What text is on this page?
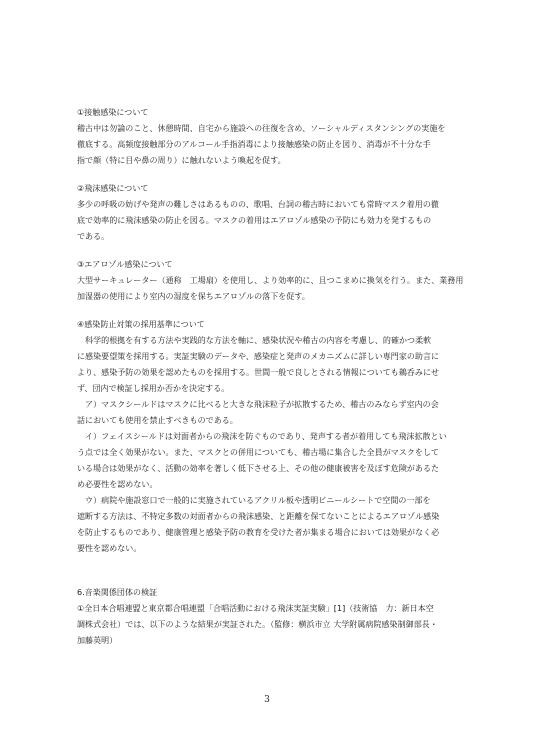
①接触感染について

稽古中は勿論のこと、休憩時間、自宅から施設への往復を含め、ソーシャルディスタンシングの実施を

徹底する。高頻度接触部分のアルコール手指消毒により接触感染の防止を図り、消毒が不十分な手

指で顔（特に目や鼻の周り）に触れないよう喚起を促す。

②飛沫感染について

多少の呼吸の妨げや発声の難しさはあるものの、歌唱、台詞の稽古時においても常時マスク着用の徹

底で効率的に飛沫感染の防止を図る。マスクの着用はエアロゾル感染の予防にも効力を発するもの

である。

③エアロゾル感染について

大型サーキュレーター（通称　工場扇）を使用し、より効率的に、且つこまめに換気を行う。また、業務用

加湿器の使用により室内の湿度を保ちエアロゾルの落下を促す。

④感染防止対策の採用基準について

　科学的根拠を有する方法や実践的な方法を軸に、感染状況や稽古の内容を考慮し、的確かつ柔軟

に感染要望策を採用する。実証実験のデータや、感染症と発声のメカニズムに詳しい専門家の助言に

より、感染予防の効果を認めたものを採用する。世間一般で良しとされる情報についても鵜呑みにせ

ず、団内で検証し採用か否かを決定する。

　ア）マスクシールドはマスクに比べると大きな飛沫粒子が拡散するため、稽古のみならず室内の会

話においても使用を禁止すべきものである。

　イ）フェイスシールドは対面者からの飛沫を防ぐものであり、発声する者が着用しても飛沫拡散とい

う点では全く効果がない。また、マスクとの併用についても、稽古場に集合した全員がマスクをして

いる場合は効果がなく、活動の効率を著しく低下させる上、その他の健康被害を及ぼす危険があるた

め必要性を認めない。

　ウ）病院や施設窓口で一般的に実施されているアクリル板や透明ビニールシートで空間の一部を

遮断する方法は、不特定多数の対面者からの飛沫感染、と距離を保てないことによるエアロゾル感染

を防止するものであり、健康管理と感染予防の教育を受けた者が集まる場合においては効果がなく必

要性を認めない。

6.音楽関係団体の検証

①全日本合唱連盟と東京都合唱連盟「合唱活動における飛沫実証実験」[1]（技術協　力：新日本空

調株式会社）では、以下のような結果が実証された。（監修：横浜市立 大学附属病院感染制御部長・

加藤英明）

3
